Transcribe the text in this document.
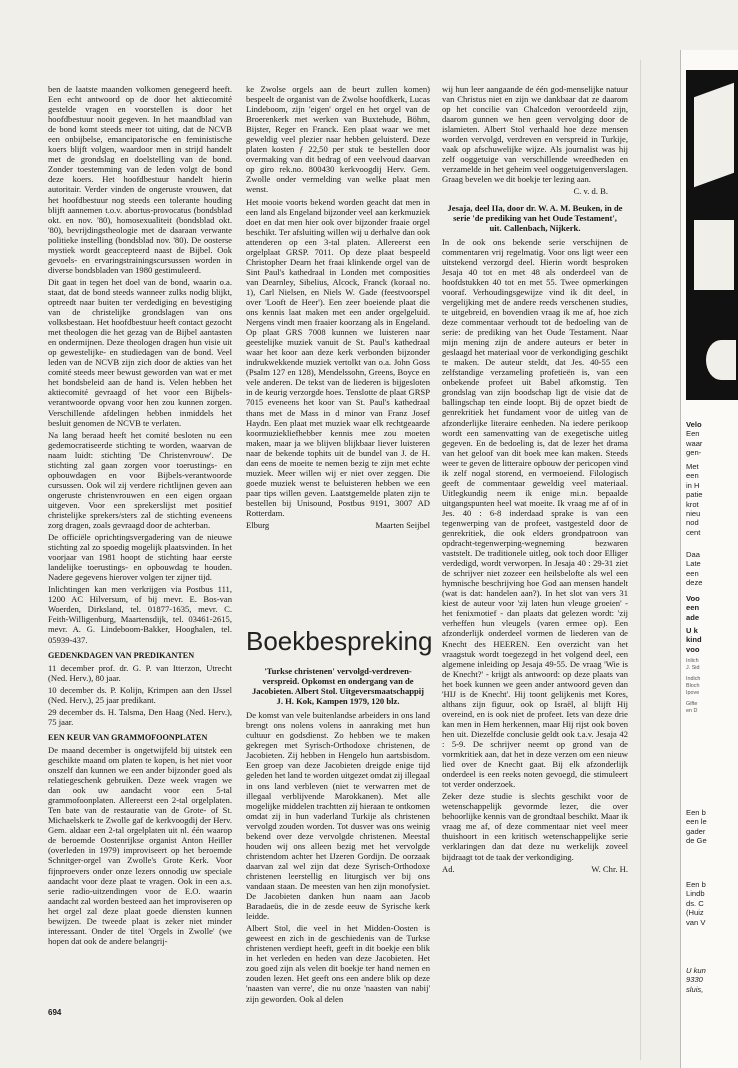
ben de laatste maanden volkomen genegeerd heeft. Een echt antwoord op de door het aktiecomité gestelde vragen en voorstellen is door het hoofdbestuur nooit gegeven. In het maandblad van de bond komt steeds meer tot uiting, dat de NCVB een onbijbelse, emancipatorische en feministische koers blijft volgen, waardoor men in strijd handelt met de grondslag en doelstelling van de bond. Zonder toestemming van de leden volgt de bond deze koers. Het hoofdbestuur handelt hierin autoritair. Verder vinden de ongeruste vrouwen, dat het hoofdbestuur nog steeds een tolerante houding blijft aannemen t.o.v. abortus-provocatus (bondsblad okt. en nov. '80), homosexualiteit (bondsblad okt. '80), bevrijdingstheologie met de daaraan verwante politieke instelling (bondsblad nov. '80). De oosterse mystiek wordt geaccepteerd naast de Bijbel. Ook gevoels- en ervaringstrainingscursussen worden in diverse bondsbladen van 1980 gestimuleerd.

Dit gaat in tegen het doel van de bond, waarin o.a. staat, dat de bond steeds wanneer zulks nodig blijkt, optreedt naar buiten ter verdediging en bevestiging van de christelijke grondslagen van ons volksbestaan. Het hoofdbestuur heeft contact gezocht met theologen die het gezag van de Bijbel aantasten en ondermijnen. Deze theologen dragen hun visie uit op gewestelijke- en studiedagen van de bond. Veel leden van de NCVB zijn zich door de akties van het comité steeds meer bewust geworden van wat er met het bondsbeleid aan de hand is. Velen hebben het aktiecomité gevraagd of het voor een Bijbels-verantwoorde opvang voor hen zou kunnen zorgen. Verschillende afdelingen hebben inmiddels het besluit genomen de NCVB te verlaten.

Na lang beraad heeft het comité besloten nu een gedemocratiseerde stichting te worden, waarvan de naam luidt: stichting 'De Christenvrouw'. De stichting zal gaan zorgen voor toerustings- en opbouwdagen en voor Bijbels-verantwoorde cursussen. Ook wil zij verdere richtlijnen geven aan ongeruste christenvrouwen en een eigen orgaan uitgeven. Voor een sprekerslijst met positief christelijke sprekers/sters zal de stichting eveneens zorg dragen, zoals gevraagd door de achterban.

De officiële oprichtingsvergadering van de nieuwe stichting zal zo spoedig mogelijk plaatsvinden. In het voorjaar van 1981 hoopt de stichting haar eerste landelijke toerustings- en opbouwdag te houden. Nadere gegevens hierover volgen ter zijner tijd.

Inlichtingen kan men verkrijgen via Postbus 111, 1200 AC Hilversum, of bij mevr. E. Bos-van Woerden, Dirksland, tel. 01877-1635, mevr. C. Feith-Willigenburg, Maartensdijk, tel. 03461-2615, mevr. A. G. Lindeboom-Bakker, Hooghalen, tel. 05939-437.

GEDENKDAGEN VAN PREDIKANTEN

11 december prof. dr. G. P. van Itterzon, Utrecht (Ned. Herv.), 80 jaar.

10 december ds. P. Kolijn, Krimpen aan den IJssel (Ned. Herv.), 25 jaar predikant.

29 december ds. H. Talsma, Den Haag (Ned. Herv.), 75 jaar.

EEN KEUR VAN GRAMMOFOONPLATEN

De maand december is ongetwijfeld bij uitstek een geschikte maand om platen te kopen, is het niet voor onszelf dan kunnen we een ander bijzonder goed als relatiegeschenk gebruiken. Deze week vragen we dan ook uw aandacht voor een 5-tal grammofoonplaten. Allereerst een 2-tal orgelplaten. Ten bate van de restauratie van de Grote- of St. Michaelskerk te Zwolle gaf de kerkvoogdij der Herv. Gem. aldaar een 2-tal orgelplaten uit nl. één waarop de beroemde Oostenrijkse organist Anton Heiller (overleden in 1979) improviseert op het beroemde Schnitger-orgel van Zwolle's Grote Kerk. Voor fijnproevers onder onze lezers onnodig uw speciale aandacht voor deze plaat te vragen. Ook in een a.s. serie radio-uitzendingen voor de E.O. waarin aandacht zal worden besteed aan het improviseren op het orgel zal deze plaat goede diensten kunnen bewijzen. De tweede plaat is zeker niet minder interessant. Onder de titel 'Orgels in Zwolle' (we hopen dat ook de andere belangrij-

ke Zwolse orgels aan de beurt zullen komen) bespeelt de organist van de Zwolse hoofdkerk, Lucas Lindeboom, zijn 'eigen' orgel en het orgel van de Broerenkerk met werken van Buxtehude, Böhm, Bijster, Reger en Franck. Een plaat waar we met geweldig veel plezier naar hebben geluisterd. Deze platen kosten ƒ 22,50 per stuk te bestellen door overmaking van dit bedrag of een veelvoud daarvan op giro rek.no. 800430 kerkvoogdij Herv. Gem. Zwolle onder vermelding van welke plaat men wenst.

Het mooie voorts bekend worden geacht dat men in een land als Engeland bijzonder veel aan kerkmuziek doet en dat men hier ook over bijzonder fraaie orgel beschikt. Ter afsluiting willen wij u derhalve dan ook attenderen op een 3-tal platen. Allereerst een orgelplaat GRSP. 7011. Op deze plaat bespeeld Christopher Dearn het fraai klinkende orgel van de Sint Paul's kathedraal in Londen met composities van Dearnley, Sibelius, Alcock, Franck (koraal no. 1), Carl Nielsen, en Niels W. Gade (feestvoorspel over 'Looft de Heer'). Een zeer boeiende plaat die ons kennis laat maken met een ander orgelgeluid. Nergens vindt men fraaier koorzang als in Engeland. Op plaat GRS 7008 kunnen we luisteren naar geestelijke muziek vanuit de St. Paul's kathedraal waar het koor aan deze kerk verbonden bijzonder indrukwekkende muziek vertolkt van o.a. John Goss (Psalm 127 en 128), Mendelssohn, Greens, Boyce en vele anderen. De tekst van de liederen is bijgesloten in de keurig verzorgde hoes. Tenslotte de plaat GRSP 7015 eveneens het koor van St. Paul's kathedraal thans met de Mass in d minor van Franz Josef Haydn. Een plaat met muziek waar elk rechtgeaarde koormuziekliefhebber kennis mee zou moeten maken, maar ja we blijven blijkbaar liever luisteren naar de bekende tophits uit de bundel van J. de H. dan eens de moeite te nemen bezig te zijn met echte muziek. Meer willen wij er niet over zeggen. Die goede muziek wenst te beluisteren hebben we een paar tips willen geven. Laatstgemelde platen zijn te bestellen bij Unisound, Postbus 9191, 3007 AD Rotterdam.

Elburg	Maarten Seijbel

Boekbespreking

'Turkse christenen' vervolgd-verdreven-verspreid. Opkomst en ondergang van de Jacobieten. Albert Stol. Uitgeversmaatschappij J. H. Kok, Kampen 1979, 120 blz.

De komst van vele buitenlandse arbeiders in ons land brengt ons nolens volens in aanraking met hun cultuur en godsdienst. Zo hebben we te maken gekregen met Syrisch-Orthodoxe christenen, de Jacobieten. Zij hebben in Hengelo hun aartsbisdom. Een groep van deze Jacobieten dreigde enige tijd geleden het land te worden uitgezet omdat zij illegaal in ons land verbleven (niet te verwarren met de illegaal verblijvende Marokkanen). Met alle mogelijke middelen trachtten zij hieraan te ontkomen omdat zij in hun vaderland Turkije als christenen vervolgd zouden worden. Tot dusver was ons weinig bekend over deze vervolgde christenen. Meestal houden wij ons alleen bezig met het vervolgde christendom achter het IJzeren Gordijn. De oorzaak daarvan zal wel zijn dat deze Syrisch-Orthodoxe christenen leerstellig en liturgisch ver bij ons vandaan staan. De meesten van hen zijn monofysiet. De Jacobieten danken hun naam aan Jacob Baradaeüs, die in de zesde eeuw de Syrische kerk leidde.

Albert Stol, die veel in het Midden-Oosten is geweest en zich in de geschiedenis van de Turkse christenen verdiept heeft, geeft in dit boekje een blik in het verleden en heden van deze Jacobieten. Het zou goed zijn als velen dit boekje ter hand nemen en zouden lezen. Het geeft ons een andere blik op deze 'naasten van verre', die nu onze 'naasten van nabij' zijn geworden. Ook al delen

wij hun leer aangaande de één god-menselijke natuur van Christus niet en zijn we dankbaar dat ze daarom op het concilie van Chalcedon veroordeeld zijn, daarom gunnen we hen geen vervolging door de islamieten. Albert Stol verhaald hoe deze mensen worden vervolgd, verdreven en verspreid in Turkije, vaak op afschuwelijke wijze. Als journalist was hij zelf ooggetuige van verschillende wreedheden en verzamelde in het geheim veel ooggetuigenverslagen. Graag bevelen we dit boekje ter lezing aan.

C. v. d. B.

Jesaja, deel IIa, door dr. W. A. M. Beuken, in de serie 'de prediking van het Oude Testament', uit. Callenbach, Nijkerk.

In de ook ons bekende serie verschijnen de commentaren vrij regelmatig. Voor ons ligt weer een uitstekend verzorgd deel. Hierin wordt besproken Jesaja 40 tot en met 48 als onderdeel van de hoofdstukken 40 tot en met 55. Twee opmerkingen vooraf. Verhoudingsgewijze vind ik dit deel, in vergelijking met de andere reeds verschenen studies, te uitgebreid, en bovendien vraag ik me af, hoe zich deze commentaar verhoudt tot de bedoeling van de serie: de prediking van het Oude Testament. Naar mijn mening zijn de andere auteurs er beter in geslaagd het materiaal voor de verkondiging geschikt te maken. De auteur steldt, dat Jes. 40-55 een zelfstandige verzameling profetieën is, van een onbekende profeet uit Babel afkomstig. Ten grondslag van zijn boodschap ligt de visie dat de ballingschap ten einde loopt. Bij de opzet biedt de genrekritiek het fundament voor de uitleg van de afzonderlijke literaire eenheden. Na iedere perikoop wordt een samenvatting van de exegetische uitleg gegeven. En de bedoeling is, dat de lezer het drama van het geloof van dit boek mee kan maken. Steeds weer te geven de litteraire opbouw der pericopen vind ik zelf nogal storend, en vermoeiend. Filologisch geeft de commentaar geweldig veel materiaal. Uitlegkundig neem ik enige mi.n. bepaalde uitgangspunten heel wat moeite. Ik vraag me af of in Jes. 40 : 6-8 inderdaad sprake is van een tegenwerping van de profeet, vastgesteld door de genrekritiek, die ook elders grondpatroon van opdracht-tegenwerping-wegneming bezwaren vaststelt. De traditionele uitleg, ook toch door Elliger verdedigd, wordt verworpen. In Jesaja 40 : 29-31 ziet de schrijver niet zozeer een heilsbelofte als wel een hymnische beschrijving hoe God aan mensen handelt (wat is dat: handelen aan?). In het slot van vers 31 kiest de auteur voor 'zij laten hun vleuge groeien' - het fenixmotief - dan plaats dat gelezen wordt: 'zij verheffen hun vleugels (varen ermee op). Een afzonderlijk onderdeel vormen de liederen van de Knecht des HEEREN. Een overzicht van het vraagstuk wordt toegezegd in het volgend deel, een algemene inleiding op Jesaja 49-55. De vraag 'Wie is de Knecht?' - krijgt als antwoord: op deze plaats van het boek kunnen we geen ander antwoord geven dan 'HIJ is de Knecht'. Hij toont gelijkenis met Kores, althans zijn figuur, ook op Israël, al blijft Hij overeind, en is ook niet de profeet. Iets van deze drie kan men in Hem herkennen, maar Hij rijst ook boven hen uit. Diezelfde conclusie geldt ook t.a.v. Jesaja 42 : 5-9. De schrijver neemt op grond van de vormkritiek aan, dat het in deze verzen om een nieuw lied over de Knecht gaat. Bij elk afzonderlijk onderdeel is een reeks noten gevoegd, die stimuleert tot verder onderzoek.

Zeker deze studie is slechts geschikt voor de wetenschappelijk gevormde lezer, die over behoorlijke kennis van de grondtaal beschikt. Maar ik vraag me af, of deze commentaar niet veel meer thuishoort in een kritisch wetenschappelijke serie verklaringen dan dat deze nu werkelijk zoveel bijdraagt tot de taak der verkondiging.

Ad.	W. Chr. H.

694
Velo
Een
waar
gen-
Met
een
in H
patie
krot
nieu
nod
cent
Daa
Late
een
deze
Voo
een
ade
U k
kind
voo
Inlich
J. Sid
Indich
Bloch
Ipove
Gifte
en D
Een b
een le
gader
de Ge
Een b
Lindb
ds. C
(Huiz
van V
U kun
9330
sluis,
